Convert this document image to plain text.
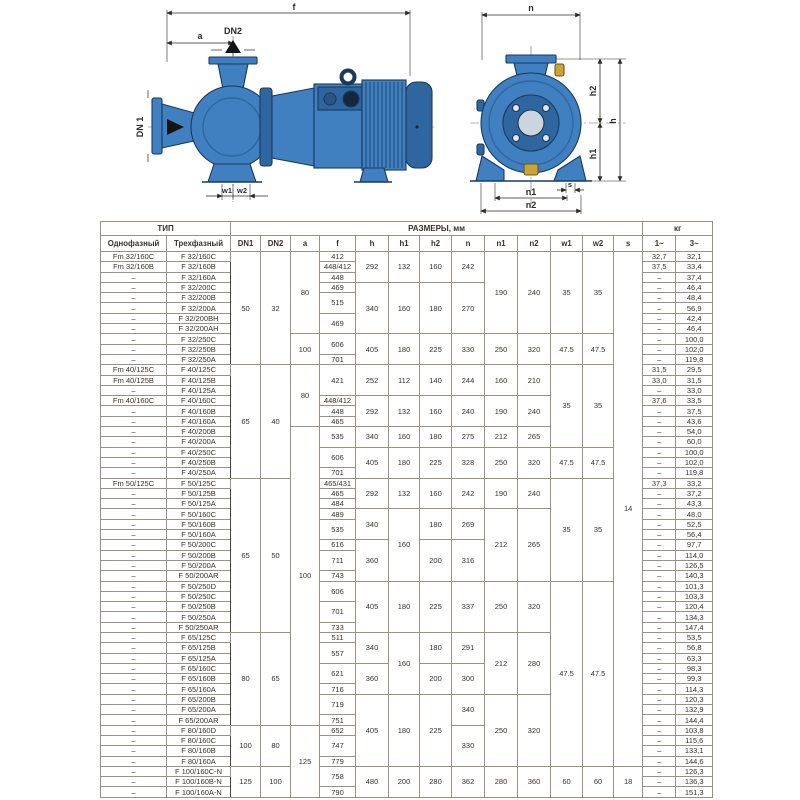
f
a DN2
DN 1
w1 w2
n
h2
h1
h
s
n1
n2
ТИП		РАЗМЕРЫ, мм													кг	
Однофазный	Трехфазный	DN1	DN2	a	f	h	h1	h2	n	n1	n2	w1	w2	s	1~	3~
Fm 32/160C	F 32/160C	50	32	80	412	292	132	160	242	190	240	35	35	14	32,7	32,1
Fm 32/160B	F 32/160B				448/412										37,5	33,4
–	F 32/160A				448										–	37,4
–	F 32/200C				469	340	160	180	270						–	46,4
–	F 32/200B				515										–	48,4
–	F 32/200A														–	56,9
–	F 32/200BH				469										–	42,4
–	F 32/200AH														–	46,4
–	F 32/250C			100	606	405	180	225	330	250	320	47.5	47.5		–	100,0
–	F 32/250B														–	102,0
–	F 32/250A				701										–	119,8
Fm 40/125C	F 40/125C	65	40	80	421	252	112	140	244	160	210	35	35		31,5	29,5
Fm 40/125B	F 40/125B														33,0	31,5
–	F 40/125A														–	33,0
Fm 40/160C	F 40/160C				448/412	292	132	160	240	190	240				37,6	33,5
–	F 40/160B				448										–	37,5
–	F 40/160A				465										–	43,6
–	F 40/200B			100	535	340	160	180	275	212	265				–	54,0
–	F 40/200A														–	60,0
–	F 40/250C				606	405	180	225	328	250	320	47.5	47.5		–	100,0
–	F 40/250B														–	102,0
–	F 40/250A				701										–	119,8
Fm 50/125C	F 50/125C	65	50		465/431	292	132	160	242	190	240	35	35		37,3	33,2
–	F 50/125B				465										–	37,2
–	F 50/125A				484										–	43,3
–	F 50/160C				489	340	160	180	269	212	265				–	48,0
–	F 50/160B				535										–	52,5
–	F 50/160A														–	56,4
–	F 50/200C				616	360		200	316						–	97,7
–	F 50/200B				711										–	114,0
–	F 50/200A														–	126,5
–	F 50/200AR				743										–	140,3
–	F 50/250D				606	405	180	225	337	250	320	47.5	47.5		–	101,3
–	F 50/250C														–	103,3
–	F 50/250B				701										–	120,4
–	F 50/250A														–	134,3
–	F 50/250AR				733										–	147,4
–	F 65/125C	80	65		511	340	160	180	291	212	280				–	53,5
–	F 65/125B				557										–	56,8
–	F 65/125A														–	63,3
–	F 65/160C				621	360		200	300						–	98,3
–	F 65/160B														–	99,3
–	F 65/160A				716										–	114,3
–	F 65/200B				719	405	180	225	340	250	320				–	120,3
–	F 65/200A														–	132,9
–	F 65/200AR				751										–	144,4
–	F 80/160D	100	80	125	652				330						–	103,8
–	F 80/160C				747										–	115,6
–	F 80/160B														–	133,1
–	F 80/160A				779										–	144,6
–	F 100/160C-N	125	100		758	480	200	280	362	280	360	60	60	18	–	126,3
–	F 100/160B-N														–	136,3
–	F 100/160A-N				790										–	151,3
